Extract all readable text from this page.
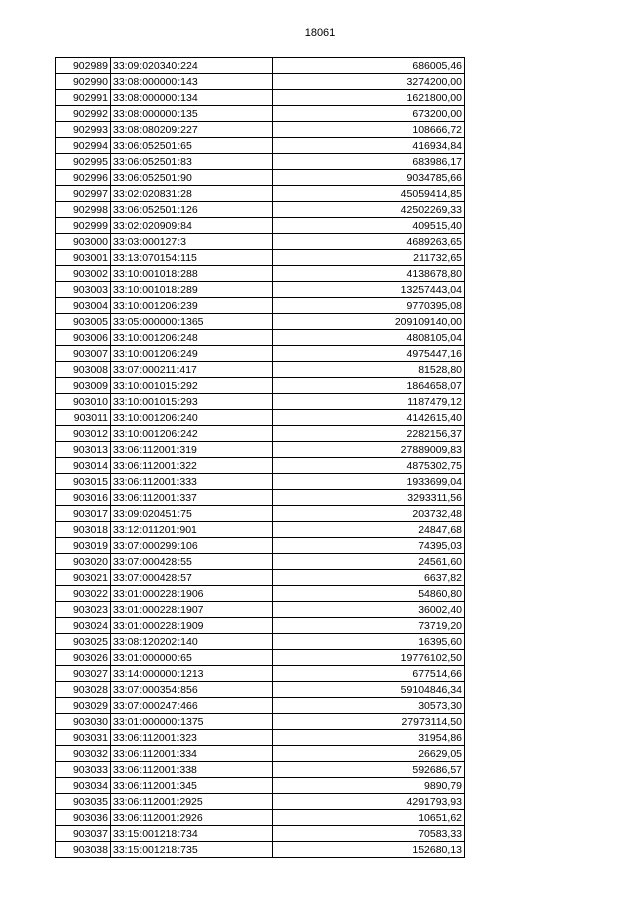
18061
902989	33:09:020340:224	686005,46
902990	33:08:000000:143	3274200,00
902991	33:08:000000:134	1621800,00
902992	33:08:000000:135	673200,00
902993	33:08:080209:227	108666,72
902994	33:06:052501:65	416934,84
902995	33:06:052501:83	683986,17
902996	33:06:052501:90	9034785,66
902997	33:02:020831:28	45059414,85
902998	33:06:052501:126	42502269,33
902999	33:02:020909:84	409515,40
903000	33:03:000127:3	4689263,65
903001	33:13:070154:115	211732,65
903002	33:10:001018:288	4138678,80
903003	33:10:001018:289	13257443,04
903004	33:10:001206:239	9770395,08
903005	33:05:000000:1365	209109140,00
903006	33:10:001206:248	4808105,04
903007	33:10:001206:249	4975447,16
903008	33:07:000211:417	81528,80
903009	33:10:001015:292	1864658,07
903010	33:10:001015:293	1187479,12
903011	33:10:001206:240	4142615,40
903012	33:10:001206:242	2282156,37
903013	33:06:112001:319	27889009,83
903014	33:06:112001:322	4875302,75
903015	33:06:112001:333	1933699,04
903016	33:06:112001:337	3293311,56
903017	33:09:020451:75	203732,48
903018	33:12:011201:901	24847,68
903019	33:07:000299:106	74395,03
903020	33:07:000428:55	24561,60
903021	33:07:000428:57	6637,82
903022	33:01:000228:1906	54860,80
903023	33:01:000228:1907	36002,40
903024	33:01:000228:1909	73719,20
903025	33:08:120202:140	16395,60
903026	33:01:000000:65	19776102,50
903027	33:14:000000:1213	677514,66
903028	33:07:000354:856	59104846,34
903029	33:07:000247:466	30573,30
903030	33:01:000000:1375	27973114,50
903031	33:06:112001:323	31954,86
903032	33:06:112001:334	26629,05
903033	33:06:112001:338	592686,57
903034	33:06:112001:345	9890,79
903035	33:06:112001:2925	4291793,93
903036	33:06:112001:2926	10651,62
903037	33:15:001218:734	70583,33
903038	33:15:001218:735	152680,13
